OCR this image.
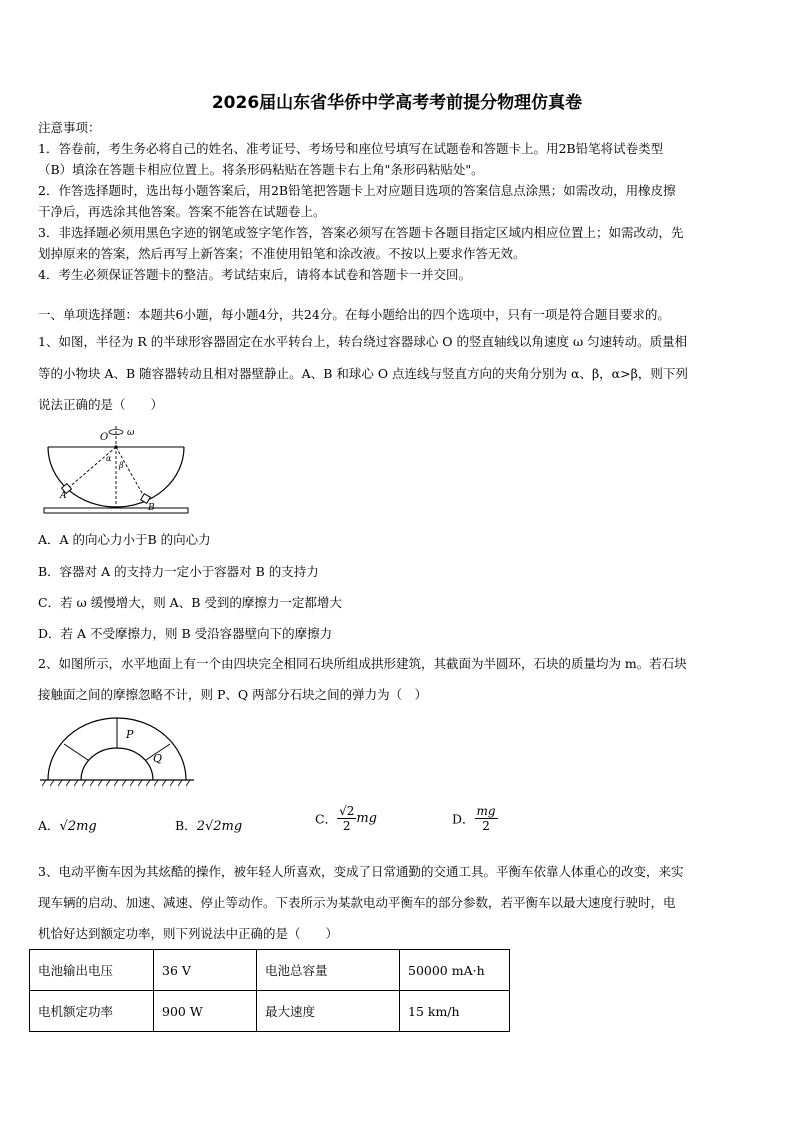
2026届山东省华侨中学高考考前提分物理仿真卷
注意事项：
1．答卷前，考生务必将自己的姓名、准考证号、考场号和座位号填写在试题卷和答题卡上。用2B铅笔将试卷类型
（B）填涂在答题卡相应位置上。将条形码粘贴在答题卡右上角"条形码粘贴处"。
2．作答选择题时，选出每小题答案后，用2B铅笔把答题卡上对应题目选项的答案信息点涂黑；如需改动，用橡皮擦
干净后，再选涂其他答案。答案不能答在试题卷上。
3．非选择题必须用黑色字迹的钢笔或签字笔作答，答案必须写在答题卡各题目指定区域内相应位置上；如需改动，先
划掉原来的答案，然后再写上新答案；不准使用铅笔和涂改液。不按以上要求作答无效。
4．考生必须保证答题卡的整洁。考试结束后，请将本试卷和答题卡一并交回。
一、单项选择题：本题共6小题，每小题4分，共24分。在每小题给出的四个选项中，只有一项是符合题目要求的。
1、如图，半径为 R 的半球形容器固定在水平转台上，转台绕过容器球心 O 的竖直轴线以角速度 ω 匀速转动。质量相
等的小物块 A、B 随容器转动且相对器壁静止。A、B 和球心 O 点连线与竖直方向的夹角分别为 α、β，α>β，则下列
说法正确的是（　　）
O ω
α
β
A
B
A．A 的向心力小于B 的向心力
B．容器对 A 的支持力一定小于容器对 B 的支持力
C．若 ω 缓慢增大，则 A、B 受到的摩擦力一定都增大
D．若 A 不受摩擦力，则 B 受沿容器壁向下的摩擦力
2、如图所示，水平地面上有一个由四块完全相同石块所组成拱形建筑，其截面为半圆环，石块的质量均为 m。若石块
接触面之间的摩擦忽略不计，则 P、Q 两部分石块之间的弹力为（　）
P
Q
A．√2mg	B．2√2mg	C． $\frac{√2}{2}$ mg	D． $\frac{mg}{2}$
3、电动平衡车因为其炫酷的操作，被年轻人所喜欢，变成了日常通勤的交通工具。平衡车依靠人体重心的改变，来实
现车辆的启动、加速、减速、停止等动作。下表所示为某款电动平衡车的部分参数，若平衡车以最大速度行驶时，电
机恰好达到额定功率，则下列说法中正确的是（　　）
电池输出电压	36 V	电池总容量	50000 mA·h
电机额定功率	900 W	最大速度	15 km/h
